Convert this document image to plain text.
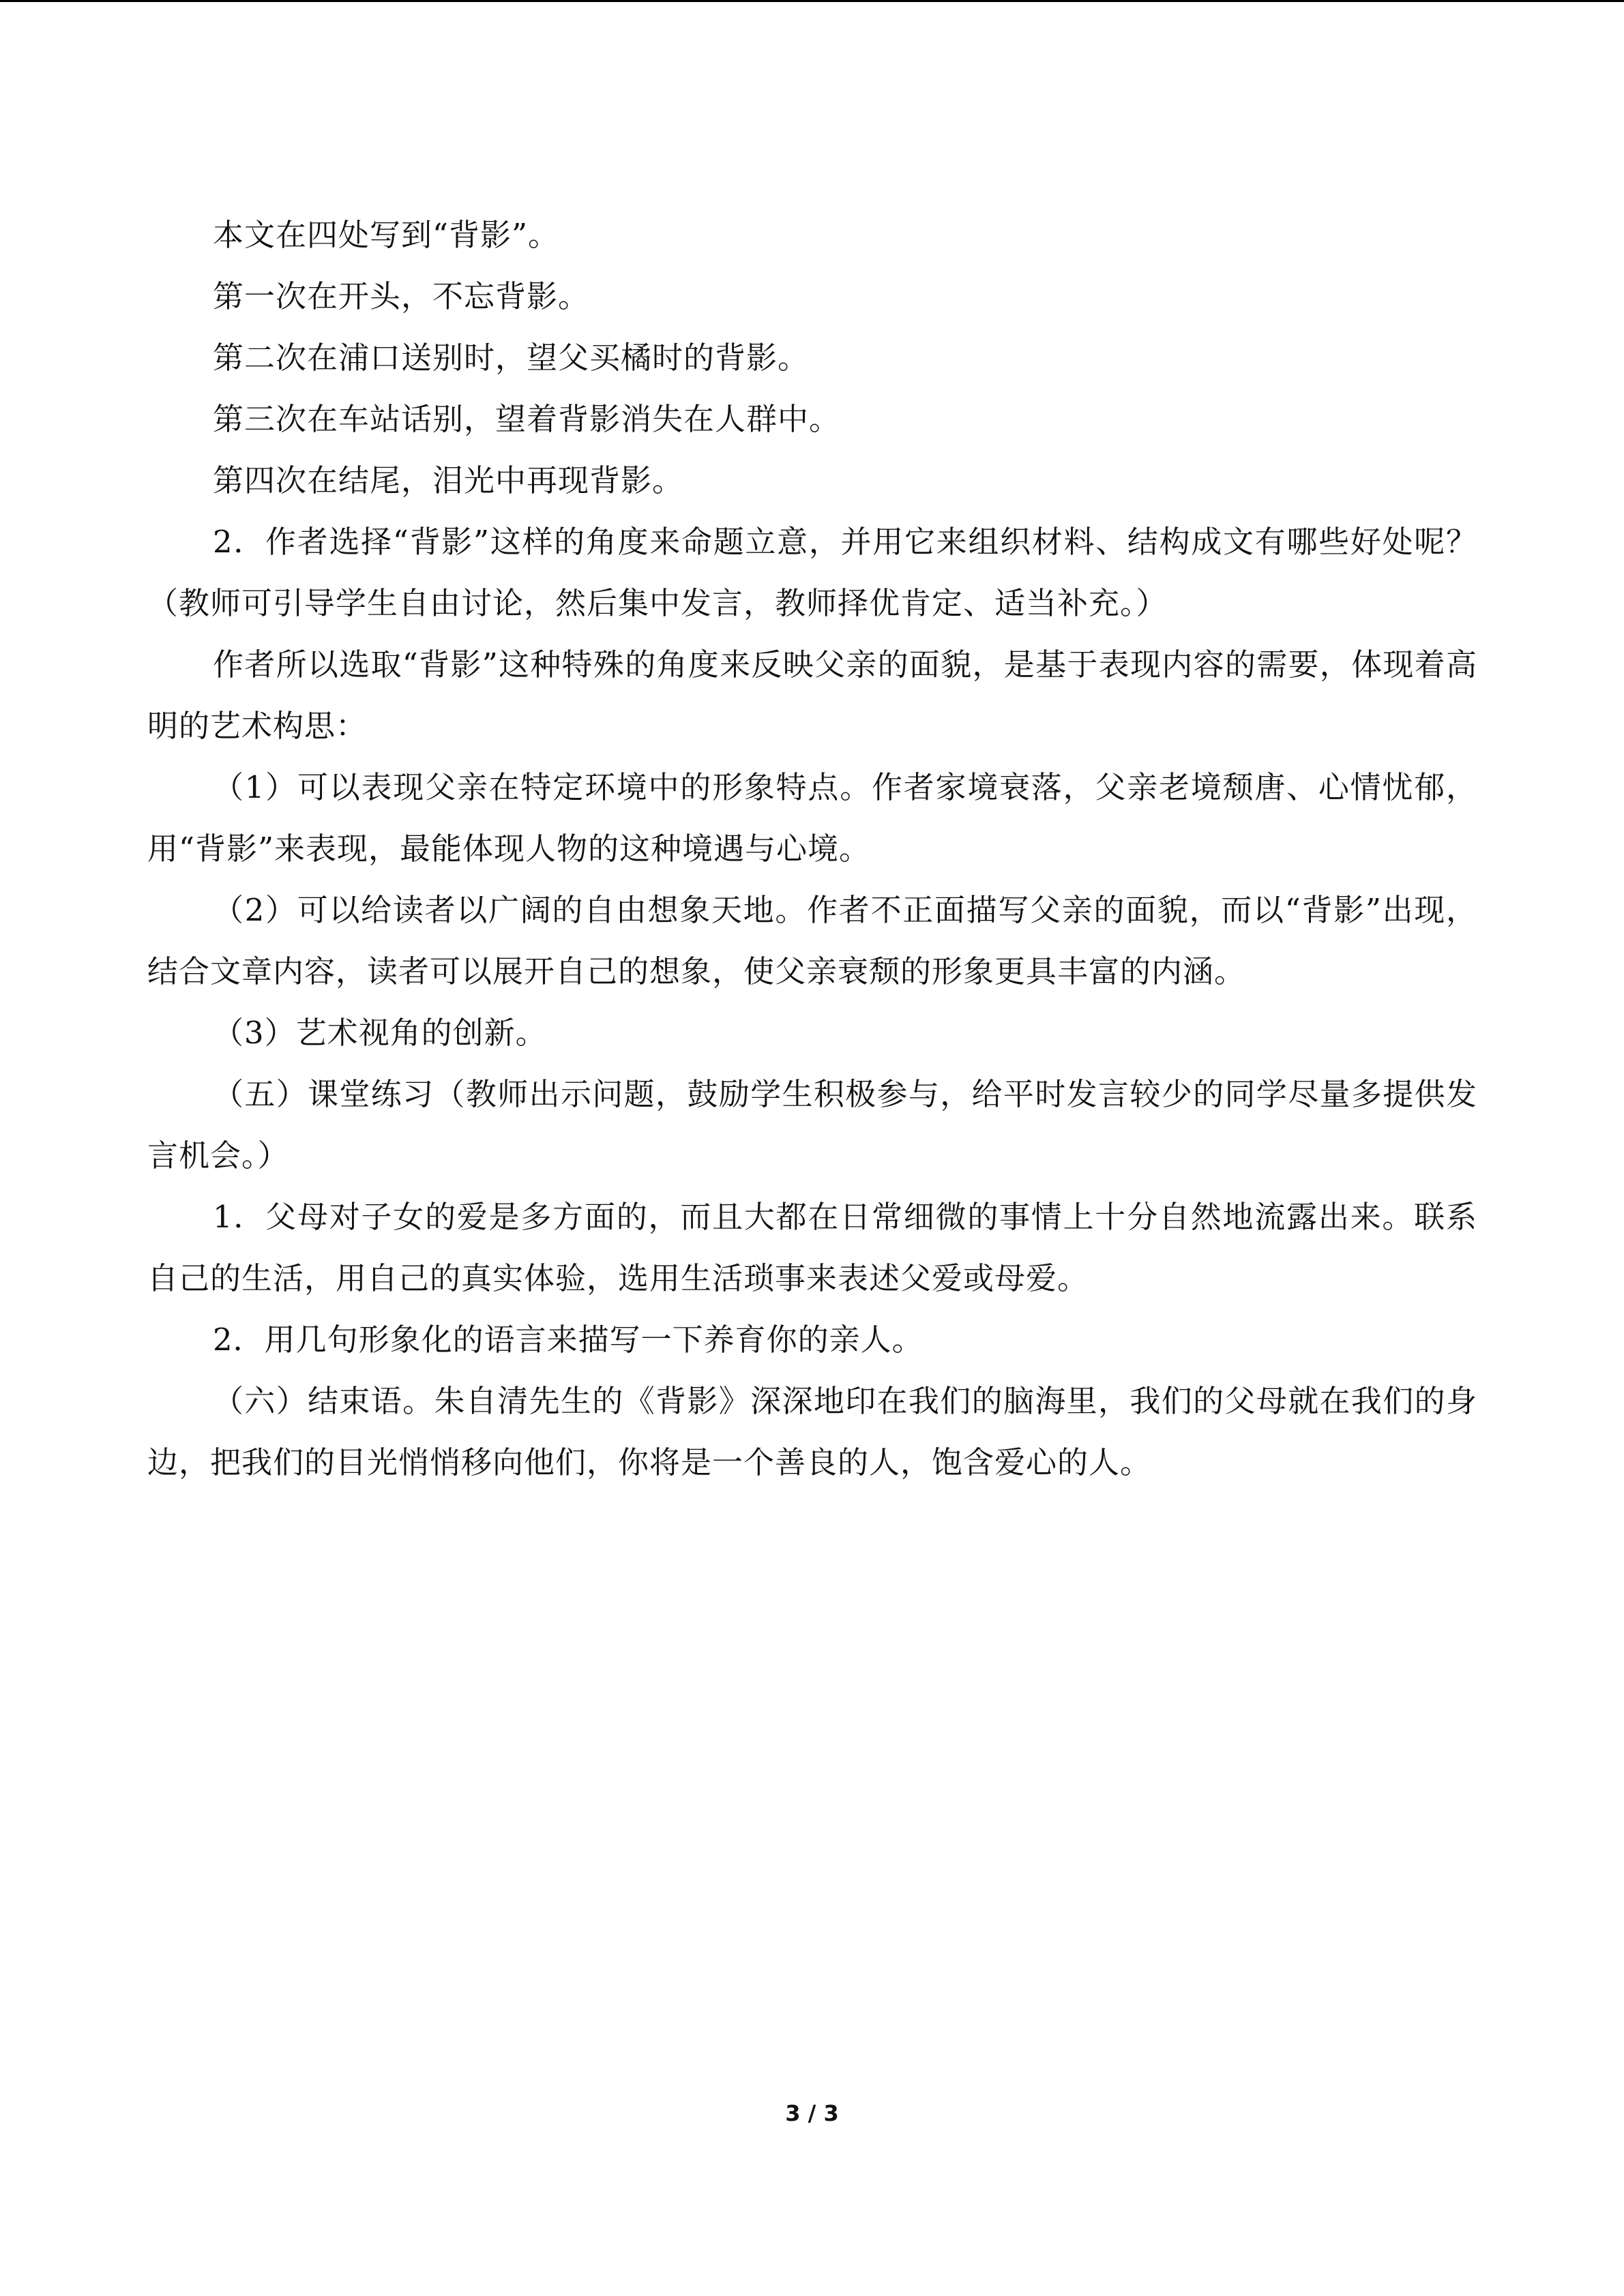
本文在四处写到“背影”。

第一次在开头，不忘背影。

第二次在浦口送别时，望父买橘时的背影。

第三次在车站话别，望着背影消失在人群中。

第四次在结尾，泪光中再现背影。

2．作者选择“背影”这样的角度来命题立意，并用它来组织材料、结构成文有哪些好处呢？（教师可引导学生自由讨论，然后集中发言，教师择优肯定、适当补充。）

作者所以选取“背影”这种特殊的角度来反映父亲的面貌，是基于表现内容的需要，体现着高明的艺术构思：

（1）可以表现父亲在特定环境中的形象特点。作者家境衰落，父亲老境颓唐、心情忧郁，用“背影”来表现，最能体现人物的这种境遇与心境。

（2）可以给读者以广阔的自由想象天地。作者不正面描写父亲的面貌，而以“背影”出现，结合文章内容，读者可以展开自己的想象，使父亲衰颓的形象更具丰富的内涵。

（3）艺术视角的创新。

（五）课堂练习（教师出示问题，鼓励学生积极参与，给平时发言较少的同学尽量多提供发言机会。）

1．父母对子女的爱是多方面的，而且大都在日常细微的事情上十分自然地流露出来。联系自己的生活，用自己的真实体验，选用生活琐事来表述父爱或母爱。

2．用几句形象化的语言来描写一下养育你的亲人。

（六）结束语。朱自清先生的《背影》深深地印在我们的脑海里，我们的父母就在我们的身边，把我们的目光悄悄移向他们，你将是一个善良的人，饱含爱心的人。

3 / 3
